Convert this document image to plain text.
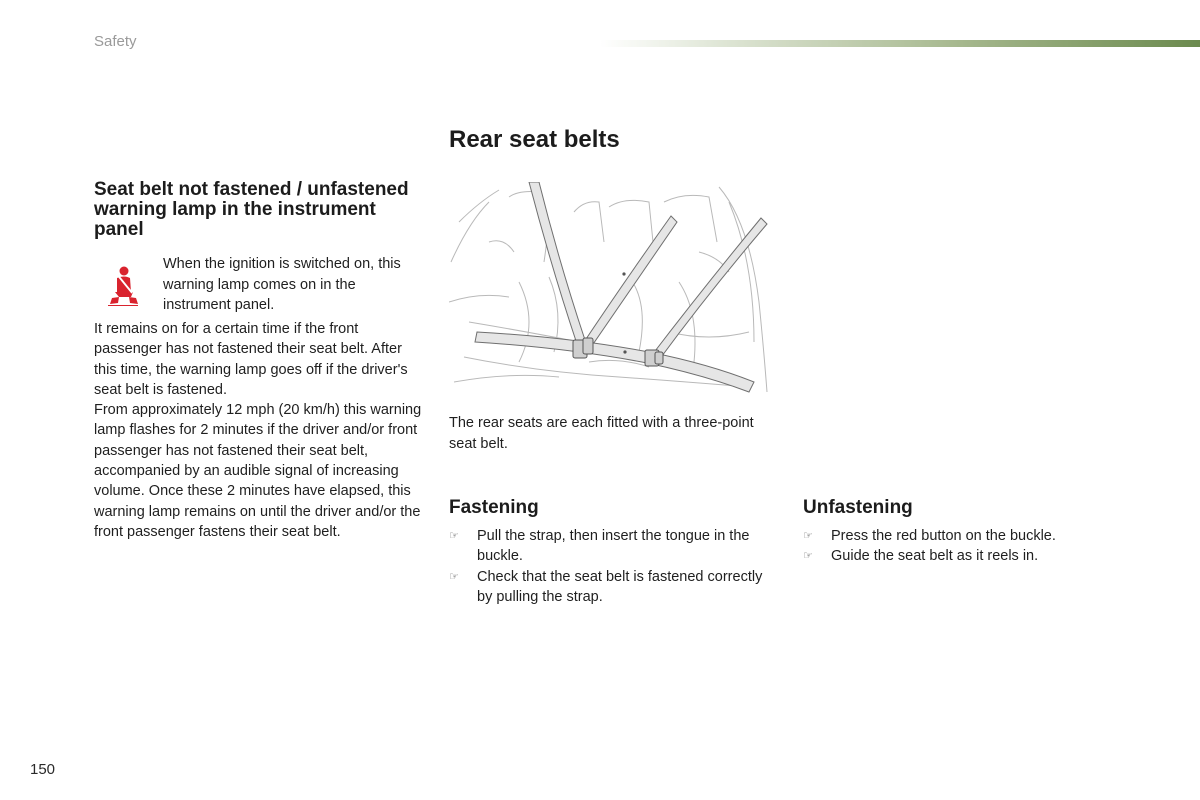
Safety
Rear seat belts
Seat belt not fastened / unfastened warning lamp in the instrument panel
When the ignition is switched on, this warning lamp comes on in the instrument panel.

It remains on for a certain time if the front passenger has not fastened their seat belt. After this time, the warning lamp goes off if the driver's seat belt is fastened.

From approximately 12 mph (20 km/h) this warning lamp flashes for 2 minutes if the driver and/or front passenger has not fastened their seat belt, accompanied by an audible signal of increasing volume. Once these 2 minutes have elapsed, this warning lamp remains on until the driver and/or the front passenger fastens their seat belt.

The rear seats are each fitted with a three-point seat belt.
Fastening
☞ Pull the strap, then insert the tongue in the buckle.
☞ Check that the seat belt is fastened correctly by pulling the strap.
Unfastening
☞ Press the red button on the buckle.
☞ Guide the seat belt as it reels in.
150
